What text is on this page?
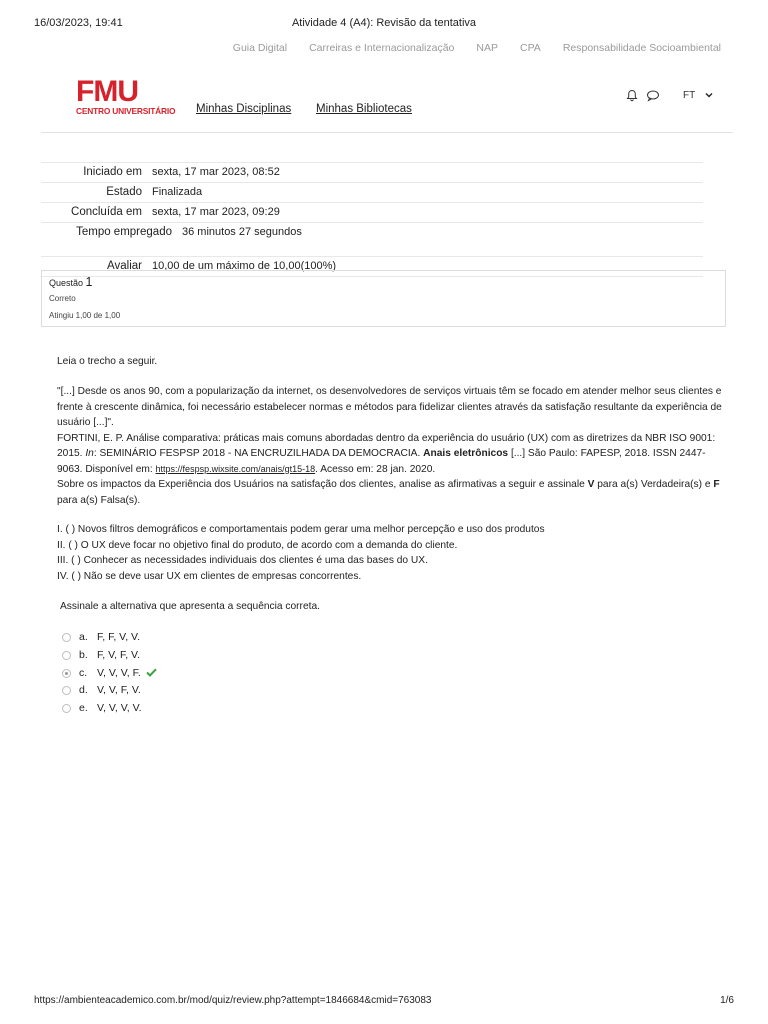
16/03/2023, 19:41	Atividade 4 (A4): Revisão da tentativa
Guia Digital Carreiras e Internacionalização NAP CPA Responsabilidade Socioambiental
FMU
CENTRO UNIVERSITÁRIO Minhas Disciplinas Minhas Bibliotecas
FT
Iniciado em sexta, 17 mar 2023, 08:52
Estado Finalizada
Concluída em sexta, 17 mar 2023, 09:29
Tempo empregado 36 minutos 27 segundos
Avaliar 10,00 de um máximo de 10,00(100%)
Questão 1
Correto
Atingiu 1,00 de 1,00
Leia o trecho a seguir.
"[...] Desde os anos 90, com a popularização da internet, os desenvolvedores de serviços virtuais têm se focado em atender melhor seus clientes e frente à crescente dinâmica, foi necessário estabelecer normas e métodos para fidelizar clientes através da satisfação resultante da experiência de usuário [...]".
FORTINI, E. P. Análise comparativa: práticas mais comuns abordadas dentro da experiência do usuário (UX) com as diretrizes da NBR ISO 9001: 2015. In: SEMINÁRIO FESPSP 2018 - NA ENCRUZILHADA DA DEMOCRACIA. Anais eletrônicos [...] São Paulo: FAPESP, 2018. ISSN 2447-9063. Disponível em: https://fespsp.wixsite.com/anais/gt15-18. Acesso em: 28 jan. 2020.
Sobre os impactos da Experiência dos Usuários na satisfação dos clientes, analise as afirmativas a seguir e assinale V para a(s) Verdadeira(s) e F para a(s) Falsa(s).
I. ( ) Novos filtros demográficos e comportamentais podem gerar uma melhor percepção e uso dos produtos
II. ( ) O UX deve focar no objetivo final do produto, de acordo com a demanda do cliente.
III. ( ) Conhecer as necessidades individuais dos clientes é uma das bases do UX.
IV. ( ) Não se deve usar UX em clientes de empresas concorrentes.
Assinale a alternativa que apresenta a sequência correta.
a. F, F, V, V.
b. F, V, F, V.
c. V, V, V, F.
d. V, V, F, V.
e. V, V, V, V.
https://ambienteacademico.com.br/mod/quiz/review.php?attempt=1846684&cmid=763083	1/6
